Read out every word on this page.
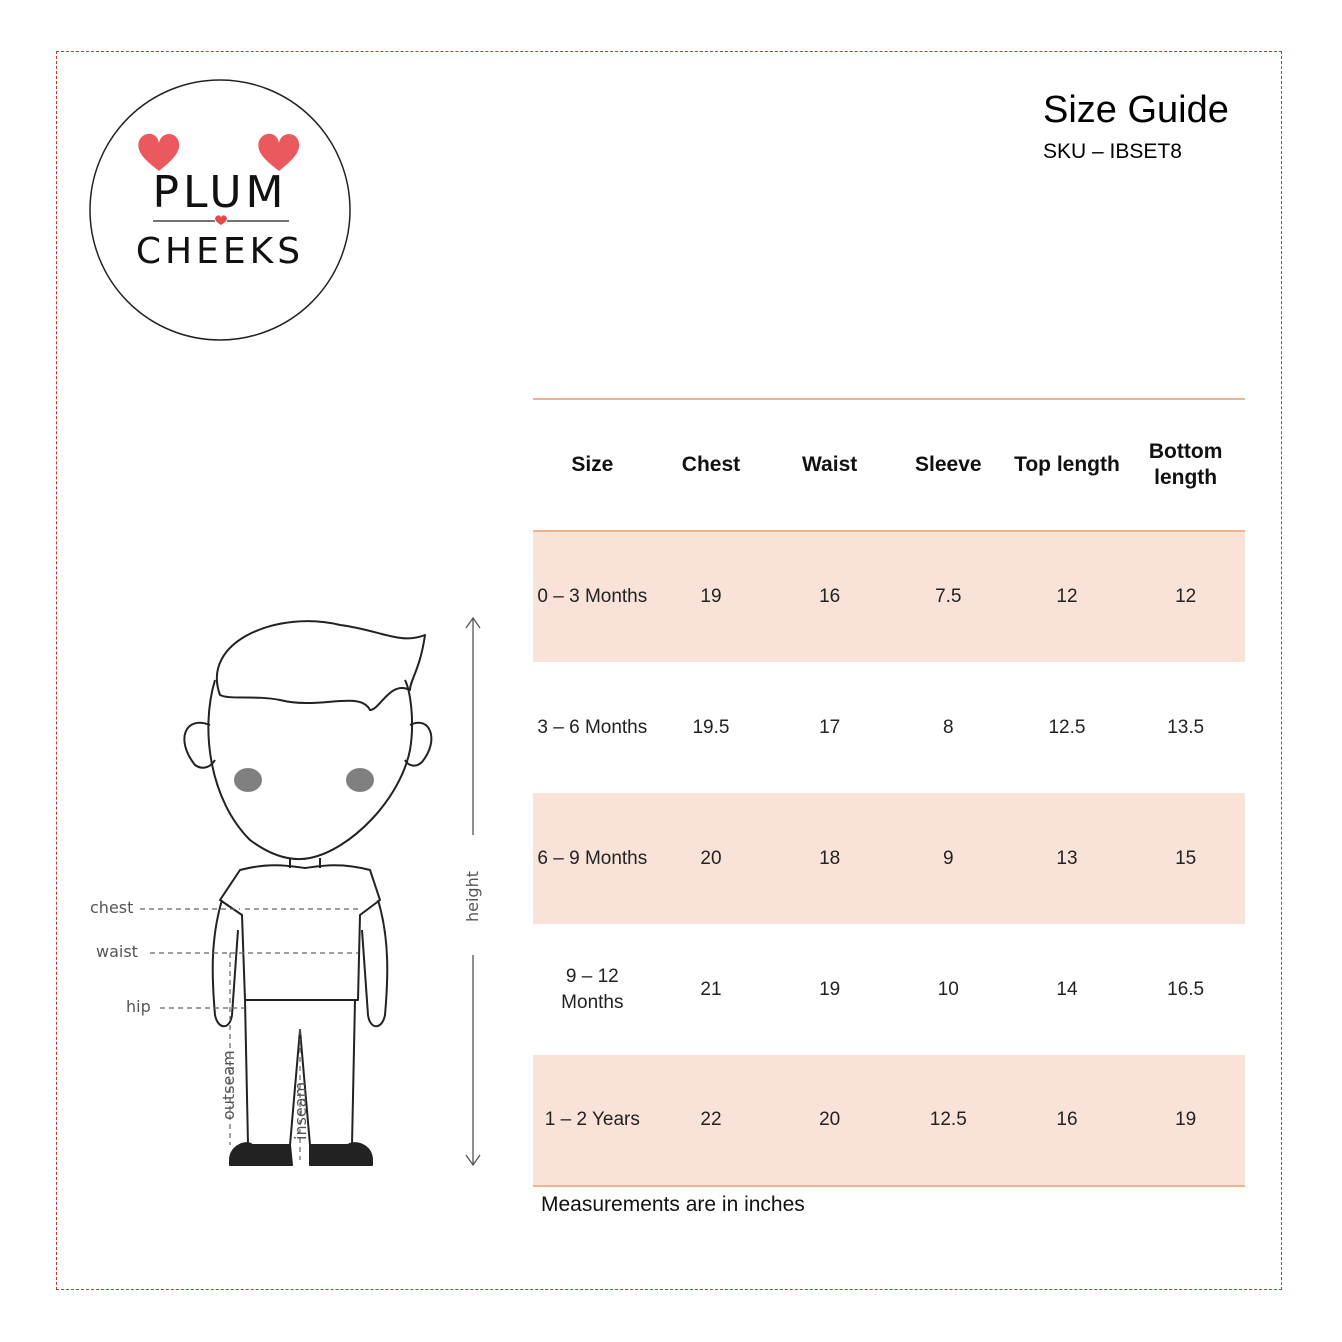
PLUM
CHEEKS
Size Guide
SKU – IBSET8
chest
waist
hip
outseam	inseam
height
Size	Chest	Waist	Sleeve	Top length	Bottom length
0 – 3 Months	19	16	7.5	12	12
3 – 6 Months	19.5	17	8	12.5	13.5
6 – 9 Months	20	18	9	13	15
9 – 12 Months	21	19	10	14	16.5
1 – 2 Years	22	20	12.5	16	19
Measurements are in inches
